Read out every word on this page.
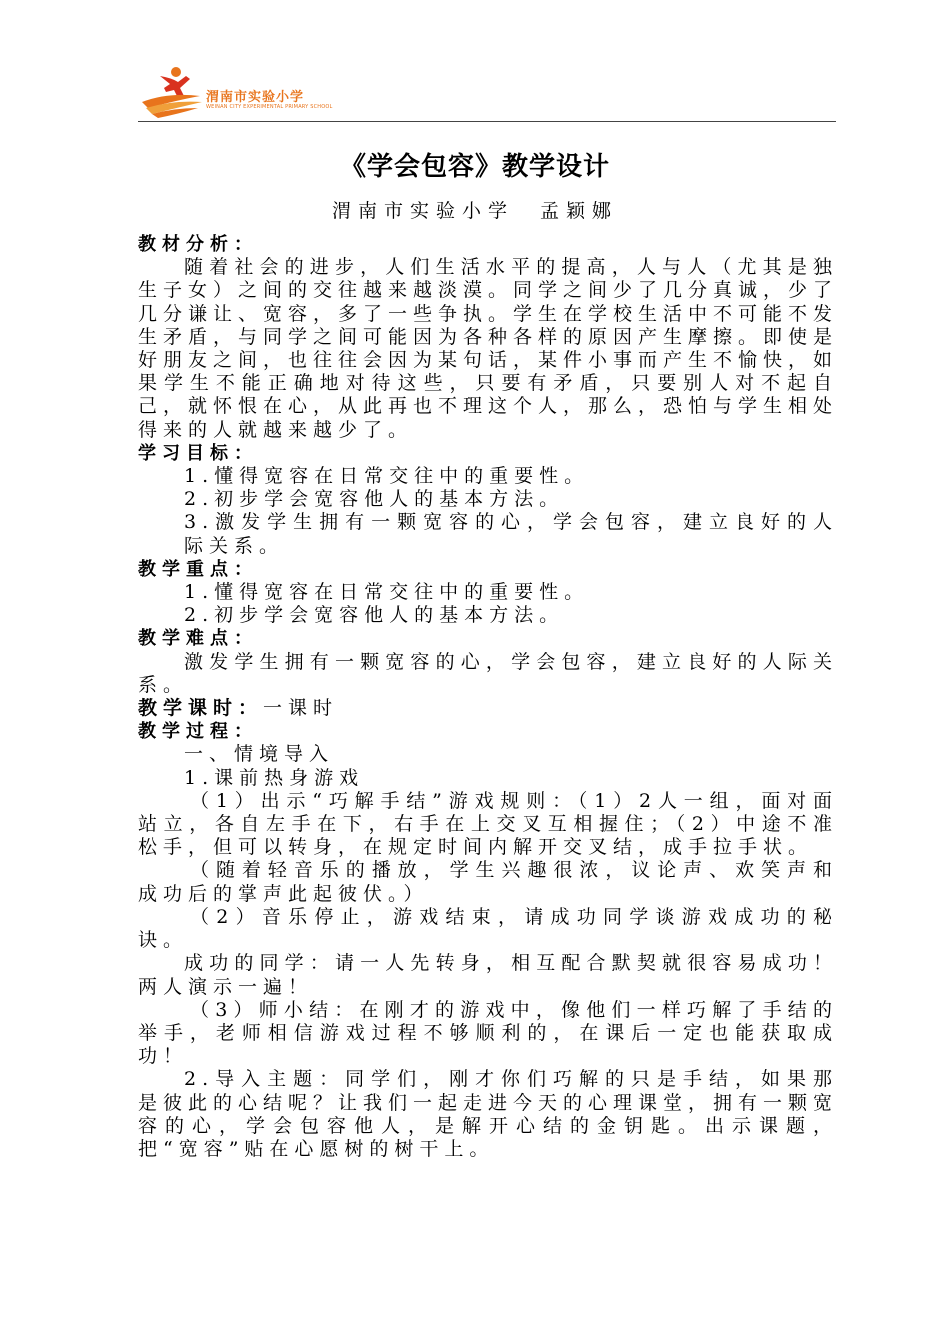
渭南市实验小学
WEINAN CITY EXPERIMENTAL PRIMARY SCHOOL
《学会包容》教学设计
渭南市实验小学　孟颖娜

教材分析：

随着社会的进步，人们生活水平的提高，人与人（尤其是独生子女）之间的交往越来越淡漠。同学之间少了几分真诚，少了几分谦让、宽容，多了一些争执。学生在学校生活中不可能不发生矛盾，与同学之间可能因为各种各样的原因产生摩擦。即使是好朋友之间，也往往会因为某句话，某件小事而产生不愉快，如果学生不能正确地对待这些，只要有矛盾，只要别人对不起自己，就怀恨在心，从此再也不理这个人，那么，恐怕与学生相处得来的人就越来越少了。

学习目标：

1.懂得宽容在日常交往中的重要性。

2.初步学会宽容他人的基本方法。

3.激发学生拥有一颗宽容的心，学会包容，建立良好的人际关系。

教学重点：

1.懂得宽容在日常交往中的重要性。

2.初步学会宽容他人的基本方法。

教学难点：

激发学生拥有一颗宽容的心，学会包容，建立良好的人际关系。

教学课时：一课时

教学过程：

一、情境导入

1.课前热身游戏

（1）出示“巧解手结”游戏规则：（1）2人一组，面对面站立，各自左手在下，右手在上交叉互相握住；（2）中途不准松手，但可以转身，在规定时间内解开交叉结，成手拉手状。

（随着轻音乐的播放，学生兴趣很浓，议论声、欢笑声和成功后的掌声此起彼伏。）

（2）音乐停止，游戏结束，请成功同学谈游戏成功的秘诀。

成功的同学：请一人先转身，相互配合默契就很容易成功！两人演示一遍！

（3）师小结：在刚才的游戏中，像他们一样巧解了手结的举手，老师相信游戏过程不够顺利的，在课后一定也能获取成功！

2.导入主题：同学们，刚才你们巧解的只是手结，如果那是彼此的心结呢？让我们一起走进今天的心理课堂，拥有一颗宽容的心，学会包容他人，是解开心结的金钥匙。出示课题，把“宽容”贴在心愿树的树干上。
